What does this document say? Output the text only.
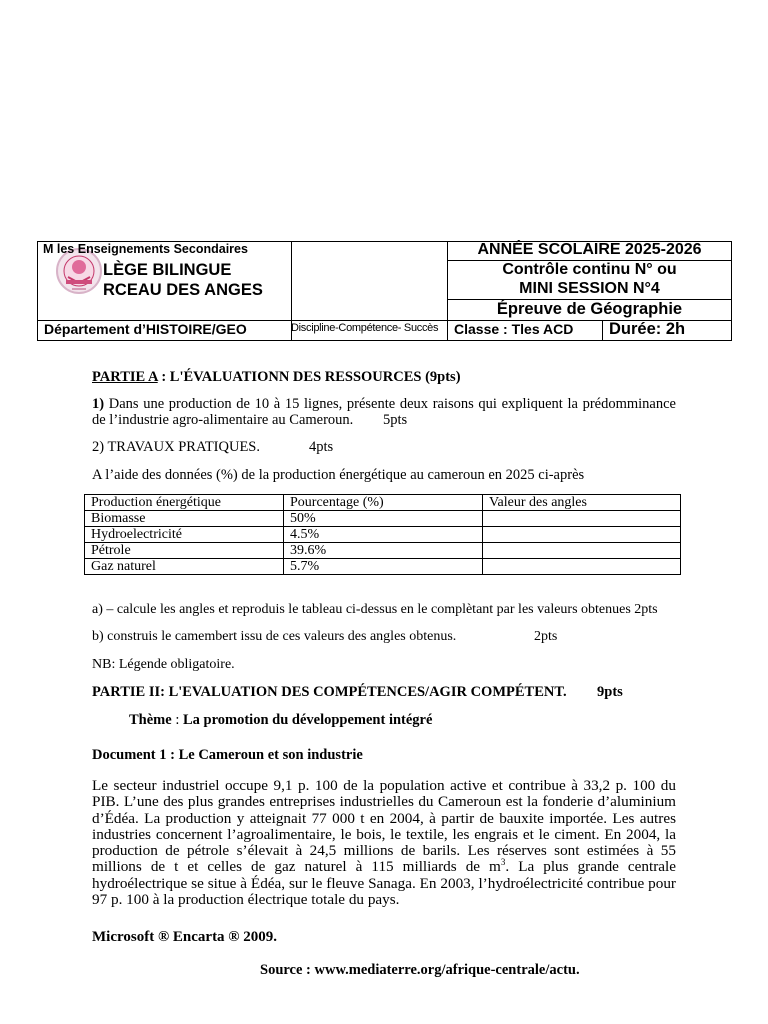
M les Enseignements Secondaires
LÈGE BILINGUE
RCEAU DES ANGES
Département d’HISTOIRE/GEO	Discipline-Compétence- Succès
ANNÉE SCOLAIRE 2025-2026
Contrôle continu N° ou
MINI SESSION N°4
Épreuve de Géographie
Classe : Tles ACD Durée: 2h
PARTIE A : L'ÉVALUATIONN DES RESSOURCES (9pts)
1) Dans une production de 10 à 15 lignes, présente deux raisons qui expliquent la prédomminance de l’industrie agro-alimentaire au Cameroun.	5pts
2) TRAVAUX PRATIQUES.	4pts
A l’aide des données (%) de la production énergétique au cameroun en 2025 ci-après
Production énergétique	Pourcentage (%)	Valeur des angles
Biomasse	50%	
Hydroelectricité	4.5%	
Pétrole	39.6%	
Gaz naturel	5.7%	
a) – calcule les angles et reproduis le tableau ci-dessus en le complètant par les valeurs obtenues 2pts
b) construis le camembert issu de ces valeurs des angles obtenus.	2pts
NB: Légende obligatoire.
PARTIE II: L'EVALUATION DES COMPÉTENCES/AGIR COMPÉTENT.	9pts
Thème : La promotion du développement intégré
Document 1 : Le Cameroun et son industrie
Le secteur industriel occupe 9,1 p. 100 de la population active et contribue à 33,2 p. 100 du PIB. L’une des plus grandes entreprises industrielles du Cameroun est la fonderie d’aluminium d’Édéa. La production y atteignait 77 000 t en 2004, à partir de bauxite importée. Les autres industries concernent l’agroalimentaire, le bois, le textile, les engrais et le ciment. En 2004, la production de pétrole s’élevait à 24,5 millions de barils. Les réserves sont estimées à 55 millions de t et celles de gaz naturel à 115 milliards de $m^3$. La plus grande centrale hydroélectrique se situe à Édéa, sur le fleuve Sanaga. En 2003, l’hydroélectricité contribue pour 97 p. 100 à la production électrique totale du pays.
Microsoft ® Encarta ® 2009.
Source : www.mediaterre.org/afrique-centrale/actu.
